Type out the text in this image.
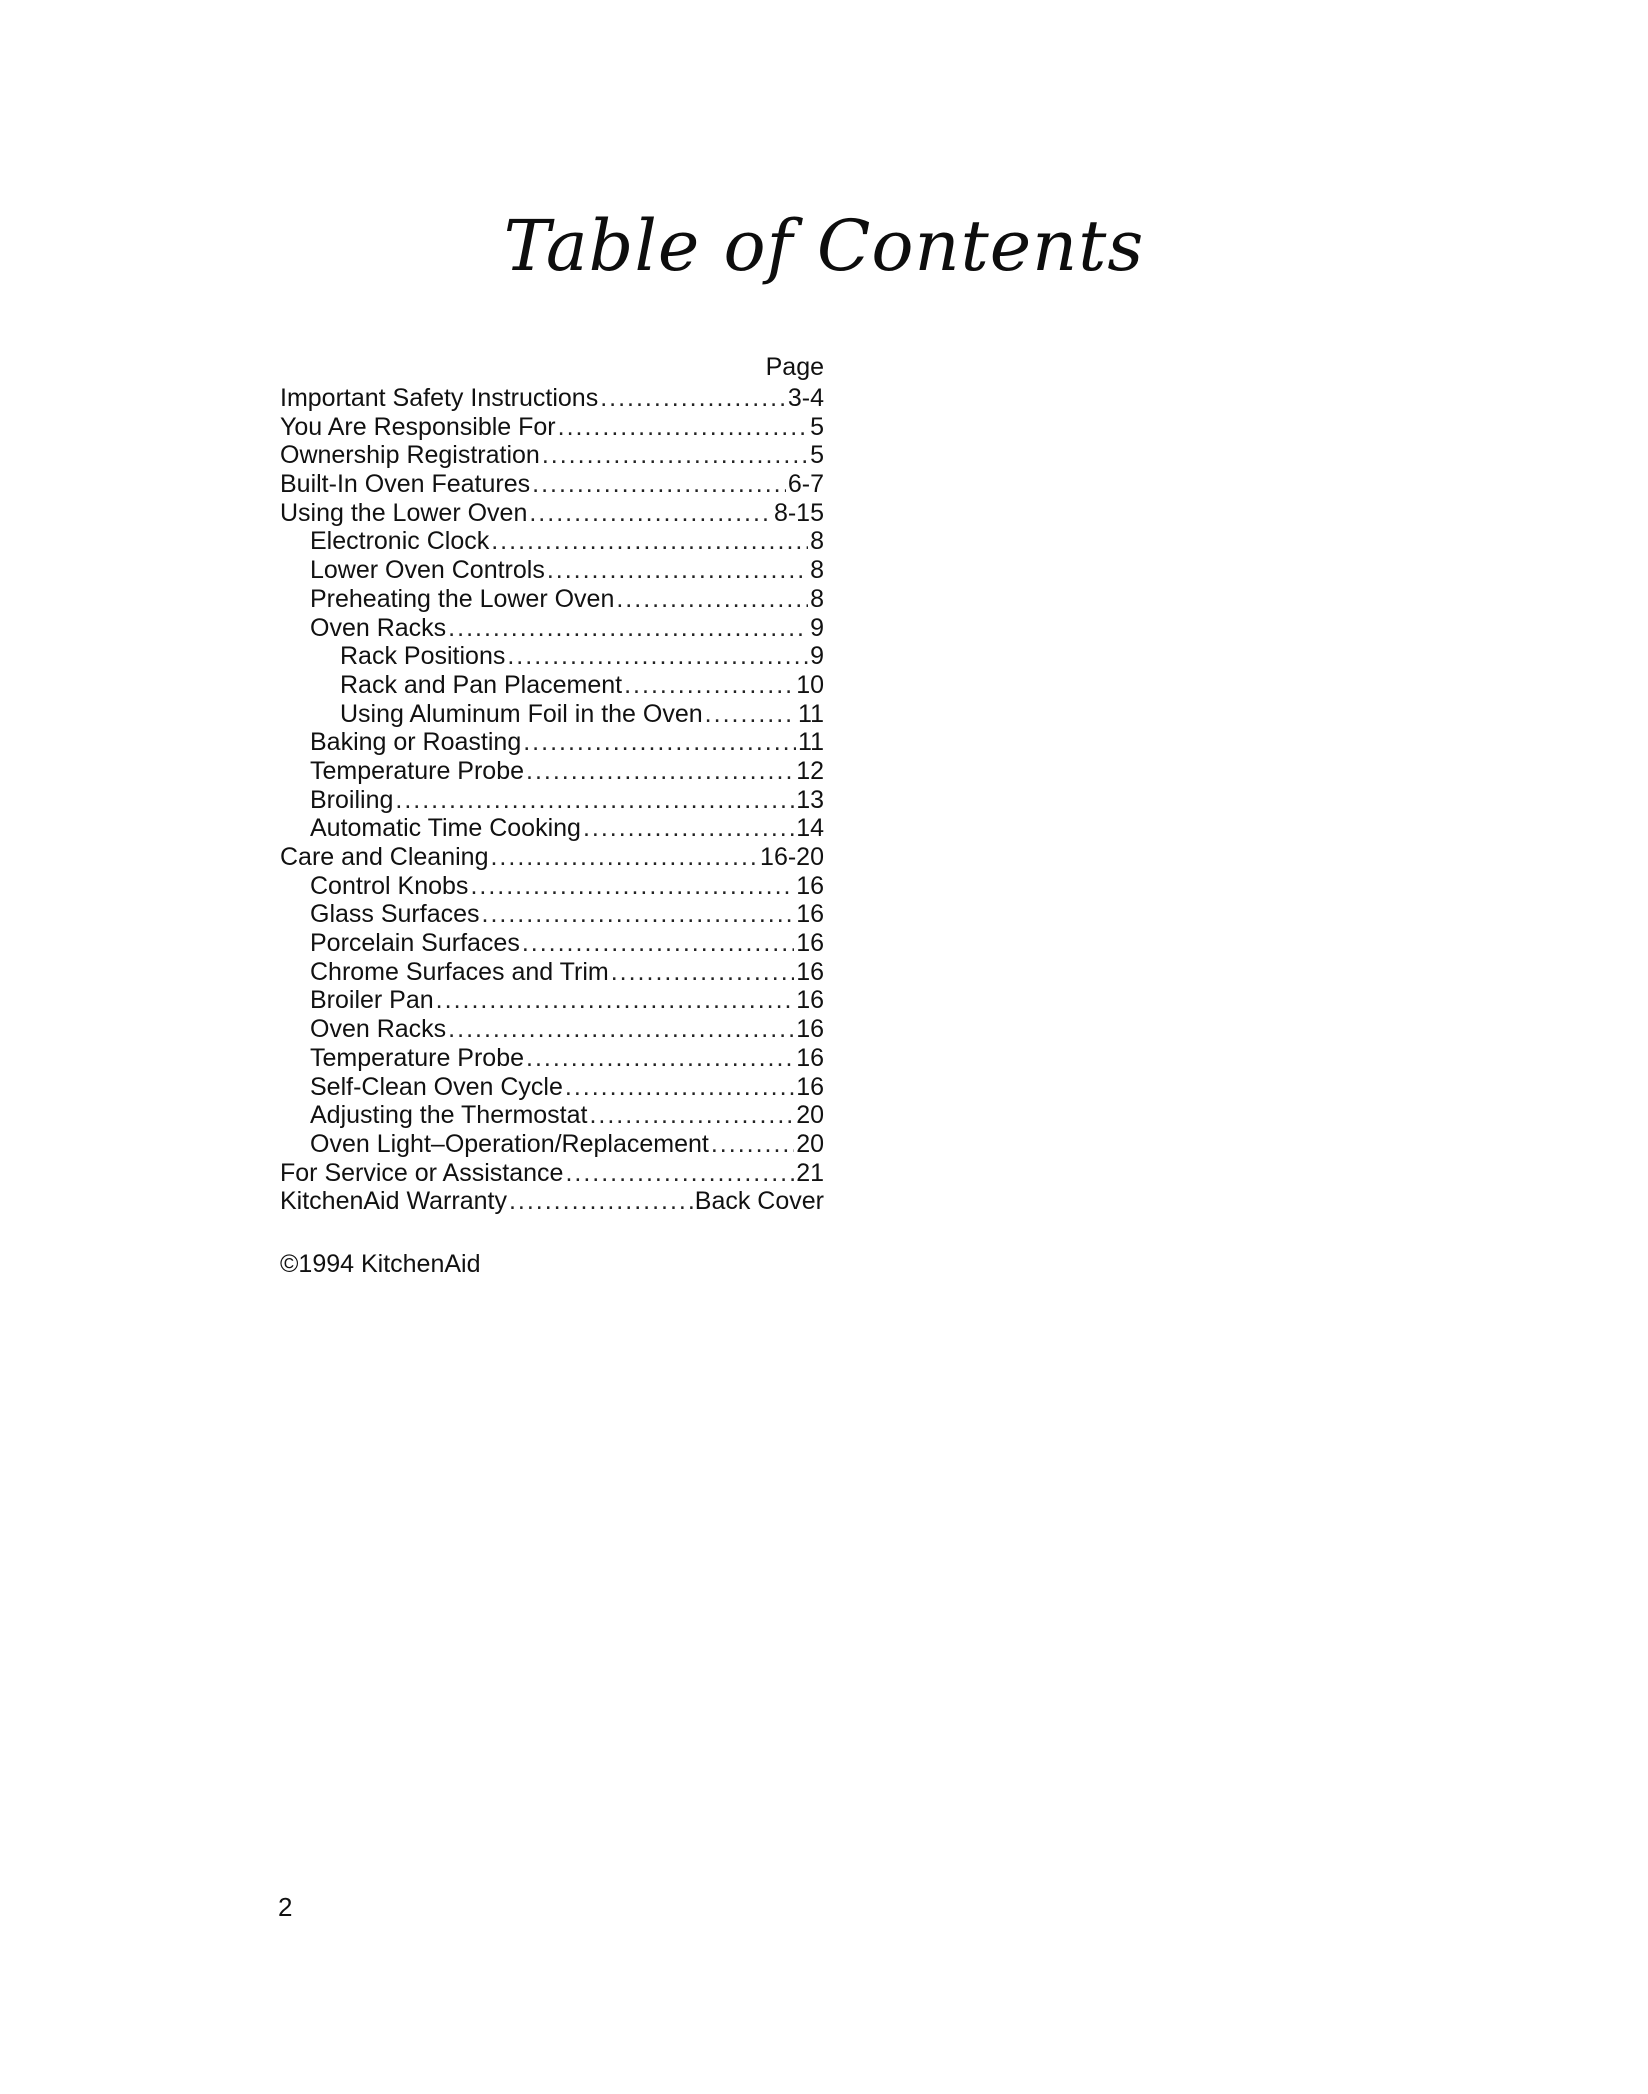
Table of Contents
Page
Important Safety Instructions .....	3-4
You Are Responsible For .....	5
Ownership Registration .....	5
Built-In Oven Features .....	6-7
Using the Lower Oven .....	8-15
Electronic Clock .....	8
Lower Oven Controls .....	8
Preheating the Lower Oven .....	8
Oven Racks .....	9
Rack Positions .....	9
Rack and Pan Placement .....	10
Using Aluminum Foil in the Oven .....	11
Baking or Roasting .....	11
Temperature Probe .....	12
Broiling .....	13
Automatic Time Cooking .....	14
Care and Cleaning .....	16-20
Control Knobs .....	16
Glass Surfaces .....	16
Porcelain Surfaces .....	16
Chrome Surfaces and Trim .....	16
Broiler Pan .....	16
Oven Racks .....	16
Temperature Probe .....	16
Self-Clean Oven Cycle .....	16
Adjusting the Thermostat .....	20
Oven Light–Operation/Replacement .....	20
For Service or Assistance .....	21
KitchenAid Warranty .....	Back Cover
©1994 KitchenAid
2
